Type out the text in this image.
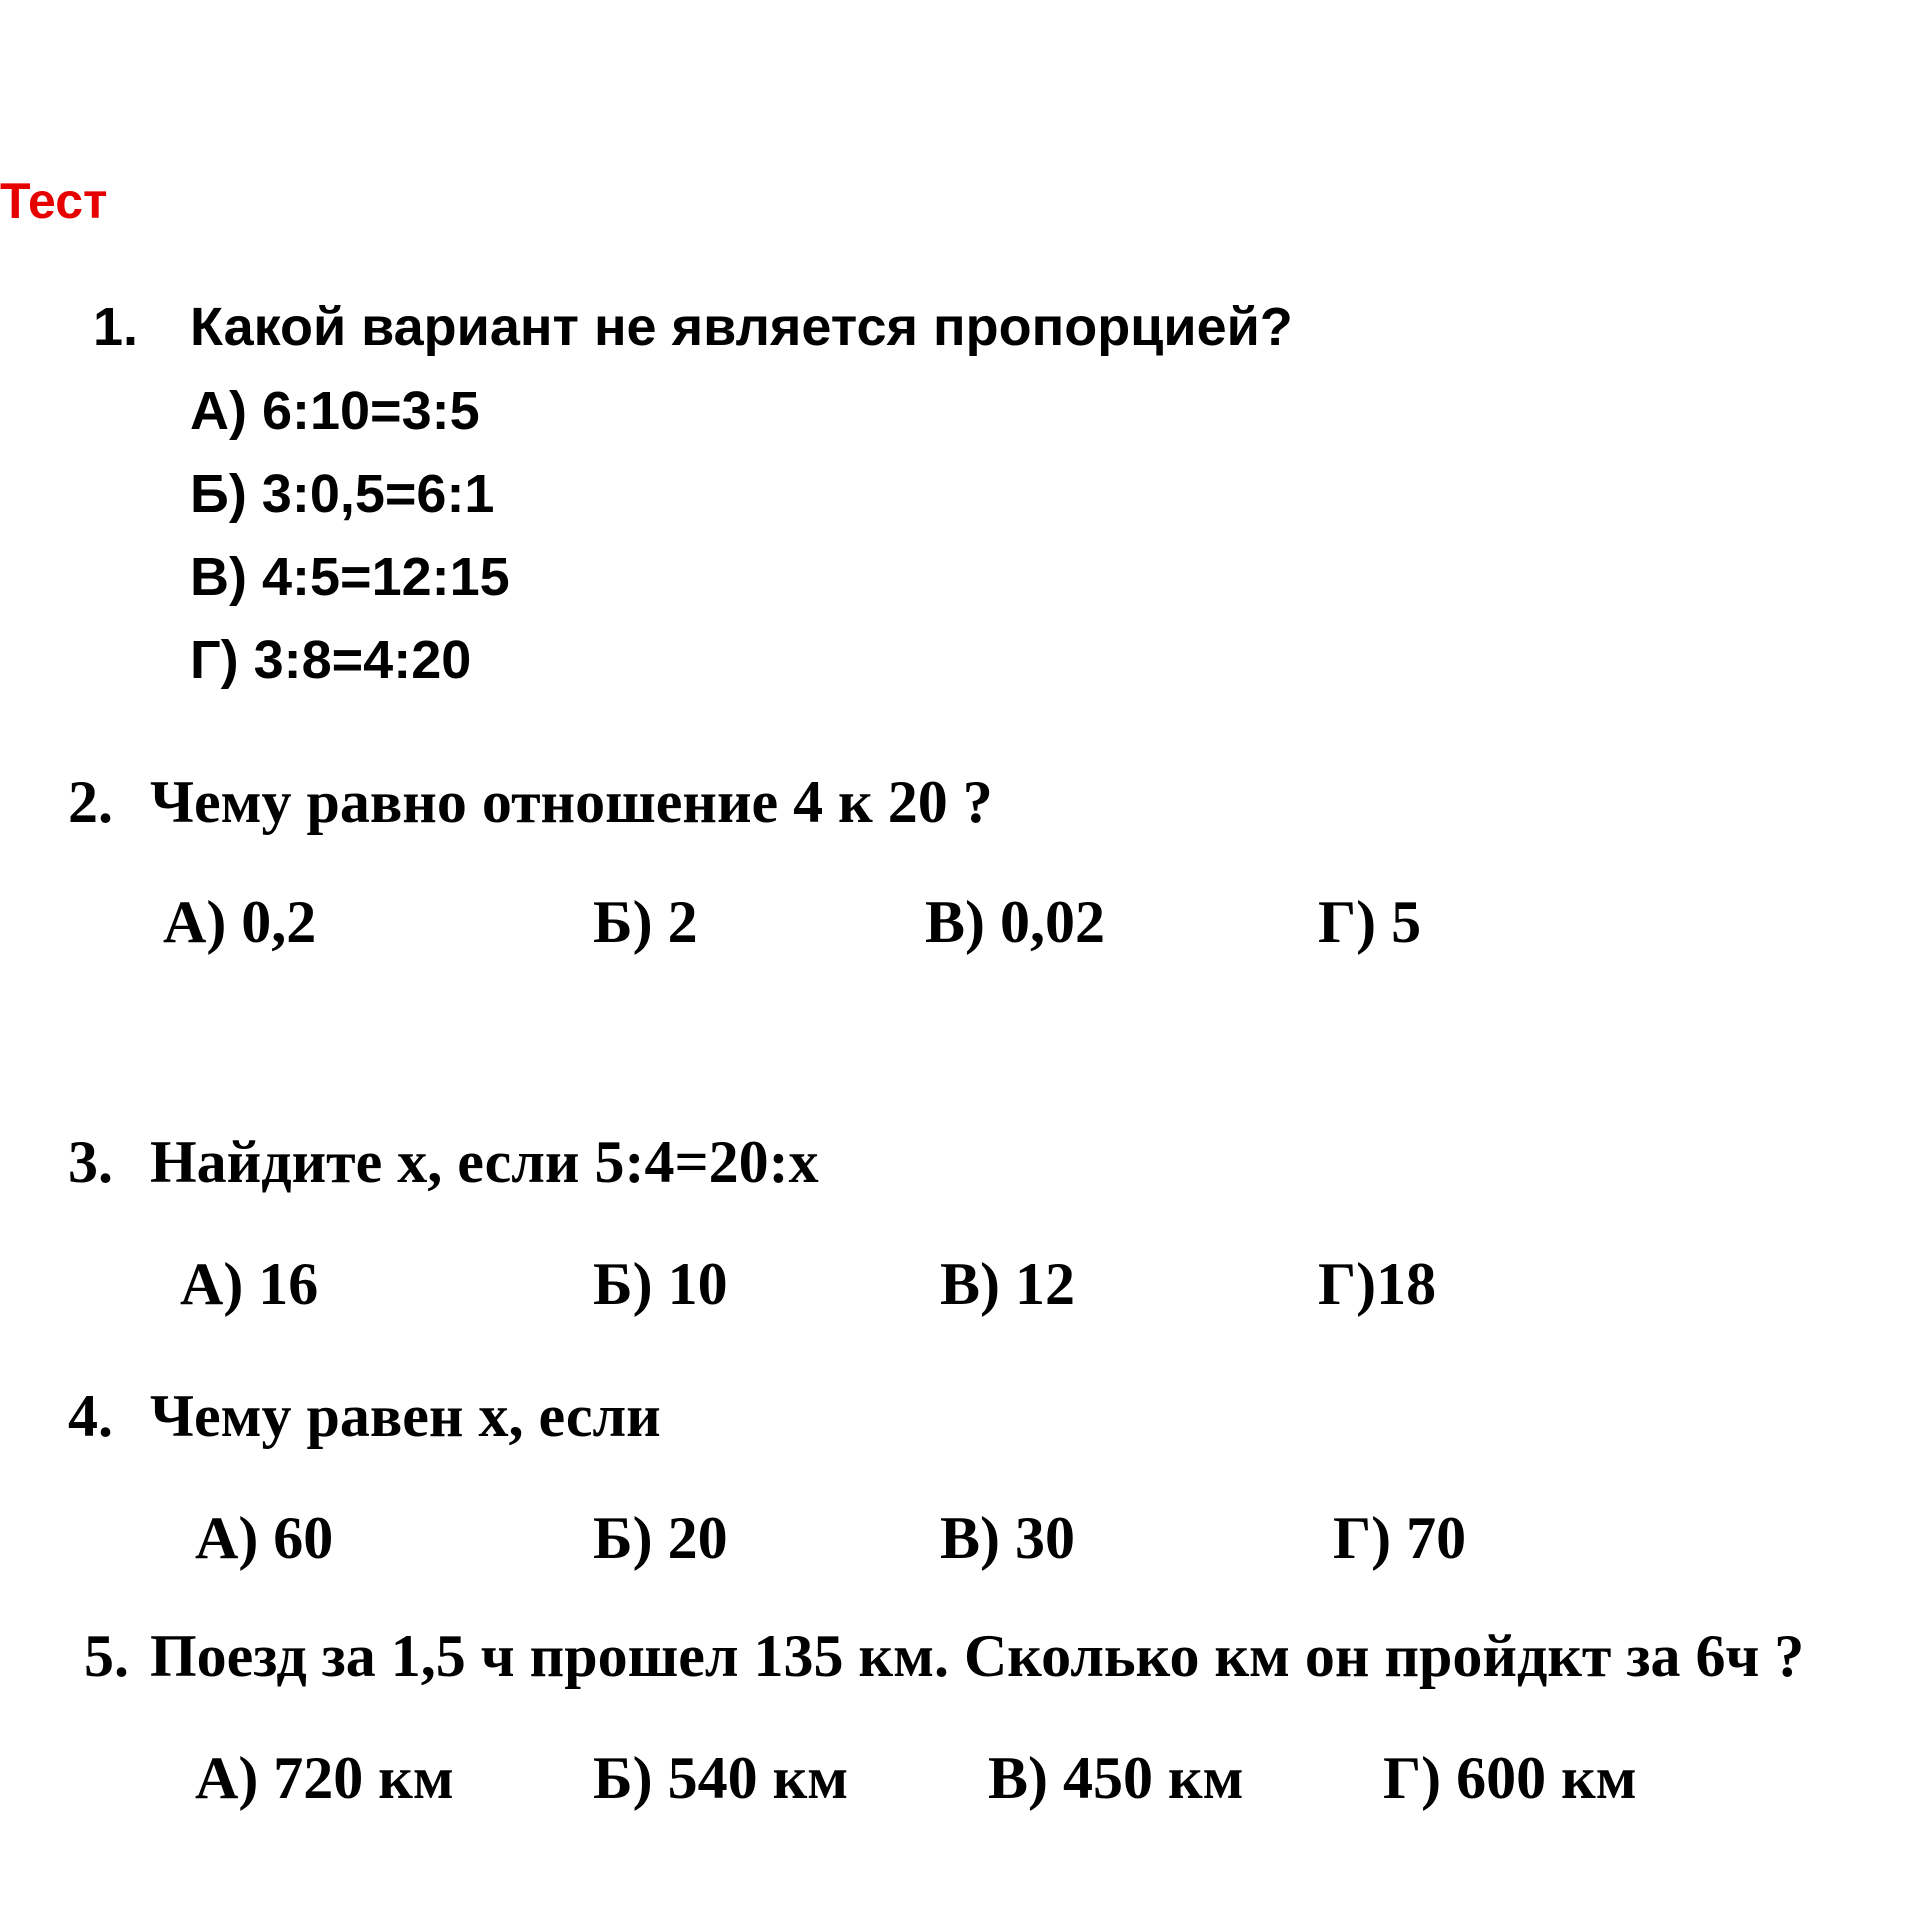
Тест
1. Какой вариант не является пропорцией?
А) 6:10=3:5
Б) 3:0,5=6:1
В) 4:5=12:15
Г) 3:8=4:20
2. Чему равно отношение 4 к 20 ?
А) 0,2	Б) 2	В) 0,02	Г) 5
3. Найдите х, если 5:4=20:х
А) 16	Б) 10	В) 12	Г)18
4. Чему равен х, если
А) 60	Б) 20	В) 30	Г) 70
5. Поезд за 1,5 ч прошел 135 км. Сколько км он пройдкт за 6ч ?
А) 720 км Б) 540 км В) 450 км Г) 600 км
